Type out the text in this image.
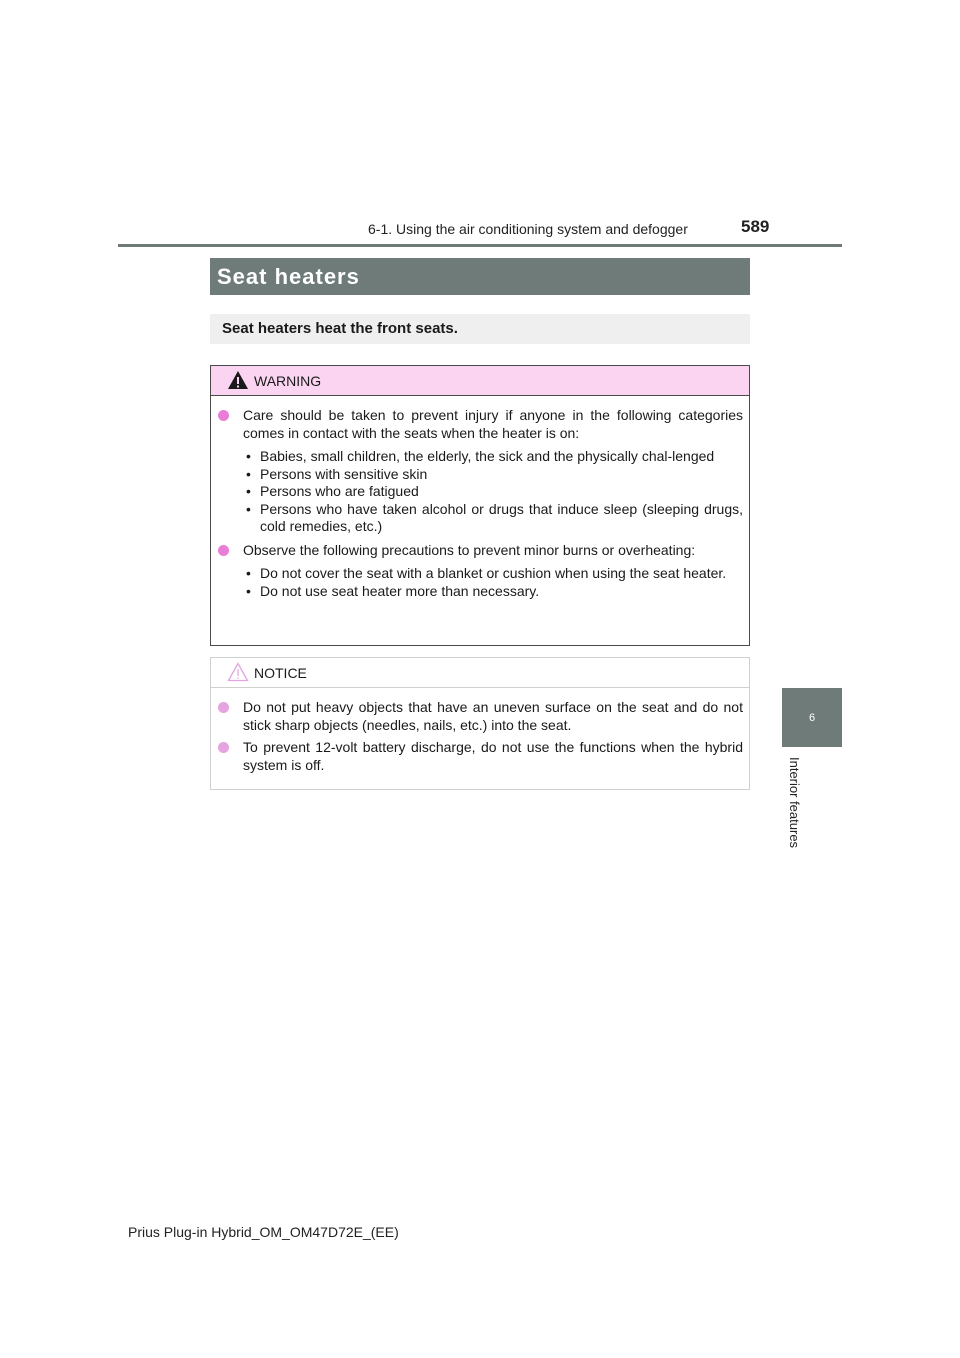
6-1. Using the air conditioning system and defogger	589
6
Interior features
Seat heaters
Seat heaters heat the front seats.
WARNING
Care should be taken to prevent injury if anyone in the following categories comes in contact with the seats when the heater is on:
• Babies, small children, the elderly, the sick and the physically chal-lenged
• Persons with sensitive skin
• Persons who are fatigued
• Persons who have taken alcohol or drugs that induce sleep (sleeping drugs, cold remedies, etc.)
Observe the following precautions to prevent minor burns or overheating:
• Do not cover the seat with a blanket or cushion when using the seat heater.
• Do not use seat heater more than necessary.
NOTICE
Do not put heavy objects that have an uneven surface on the seat and do not stick sharp objects (needles, nails, etc.) into the seat.
To prevent 12-volt battery discharge, do not use the functions when the hybrid system is off.
Prius Plug-in Hybrid_OM_OM47D72E_(EE)
